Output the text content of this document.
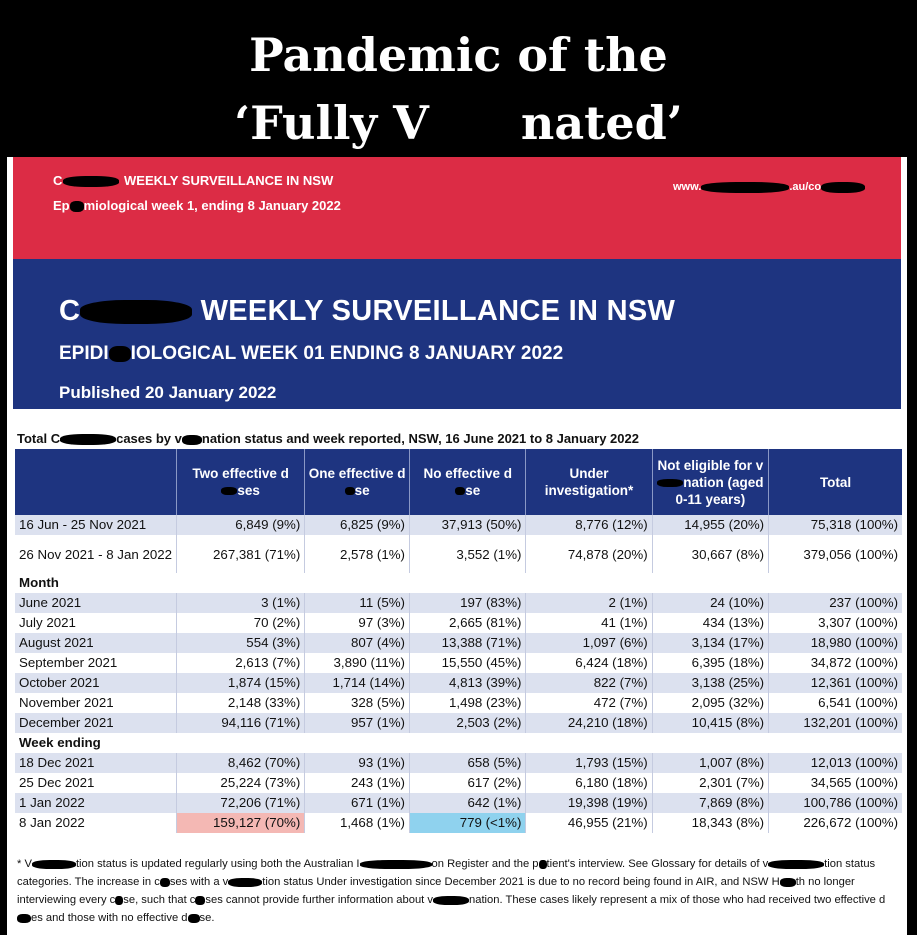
Pandemic of the
‘Fully V nated’
C	WEEKLY SURVEILLANCE IN NSW
Ep miological week 1, ending 8 January 2022
www.	.au/co
C	WEEKLY SURVEILLANCE IN NSW
EPIDI IOLOGICAL WEEK 01 ENDING 8 JANUARY 2022
Published 20 January 2022
Total C	cases by v nation status and week reported, NSW, 16 June 2021 to 8 January 2022
	Two effective d
ses	One effective d
se	No effective d
se	Under investigation*	Not eligible for vnation (aged 0-11 years)	Total
16 Jun - 25 Nov 2021	6,849 (9%)	6,825 (9%)	37,913 (50%)	8,776 (12%)	14,955 (20%)	75,318 (100%)
26 Nov 2021 - 8 Jan 2022	267,381 (71%)	2,578 (1%)	3,552 (1%)	74,878 (20%)	30,667 (8%)	379,056 (100%)
Month						
June 2021	3 (1%)	11 (5%)	197 (83%)	2 (1%)	24 (10%)	237 (100%)
July 2021	70 (2%)	97 (3%)	2,665 (81%)	41 (1%)	434 (13%)	3,307 (100%)
August 2021	554 (3%)	807 (4%)	13,388 (71%)	1,097 (6%)	3,134 (17%)	18,980 (100%)
September 2021	2,613 (7%)	3,890 (11%)	15,550 (45%)	6,424 (18%)	6,395 (18%)	34,872 (100%)
October 2021	1,874 (15%)	1,714 (14%)	4,813 (39%)	822 (7%)	3,138 (25%)	12,361 (100%)
November 2021	2,148 (33%)	328 (5%)	1,498 (23%)	472 (7%)	2,095 (32%)	6,541 (100%)
December 2021	94,116 (71%)	957 (1%)	2,503 (2%)	24,210 (18%)	10,415 (8%)	132,201 (100%)
Week ending						
18 Dec 2021	8,462 (70%)	93 (1%)	658 (5%)	1,793 (15%)	1,007 (8%)	12,013 (100%)
25 Dec 2021	25,224 (73%)	243 (1%)	617 (2%)	6,180 (18%)	2,301 (7%)	34,565 (100%)
1 Jan 2022	72,206 (71%)	671 (1%)	642 (1%)	19,398 (19%)	7,869 (8%)	100,786 (100%)
8 Jan 2022	159,127 (70%)	1,468 (1%)	779 (<1%)	46,955 (21%)	18,343 (8%)	226,672 (100%)
* V	tion status is updated regularly using both the Australian I	on Register and the p tient's interview. See Glossary for details of v	tion status categories. The increase in c ses with a v	tion status Under investigation since December 2021 is due to no record being found in AIR, and NSW H th no longer interviewing every c se, such that c ses cannot provide further information about v	nation. These cases likely represent a mix of those who had received two effective des and those with no effective d se.
